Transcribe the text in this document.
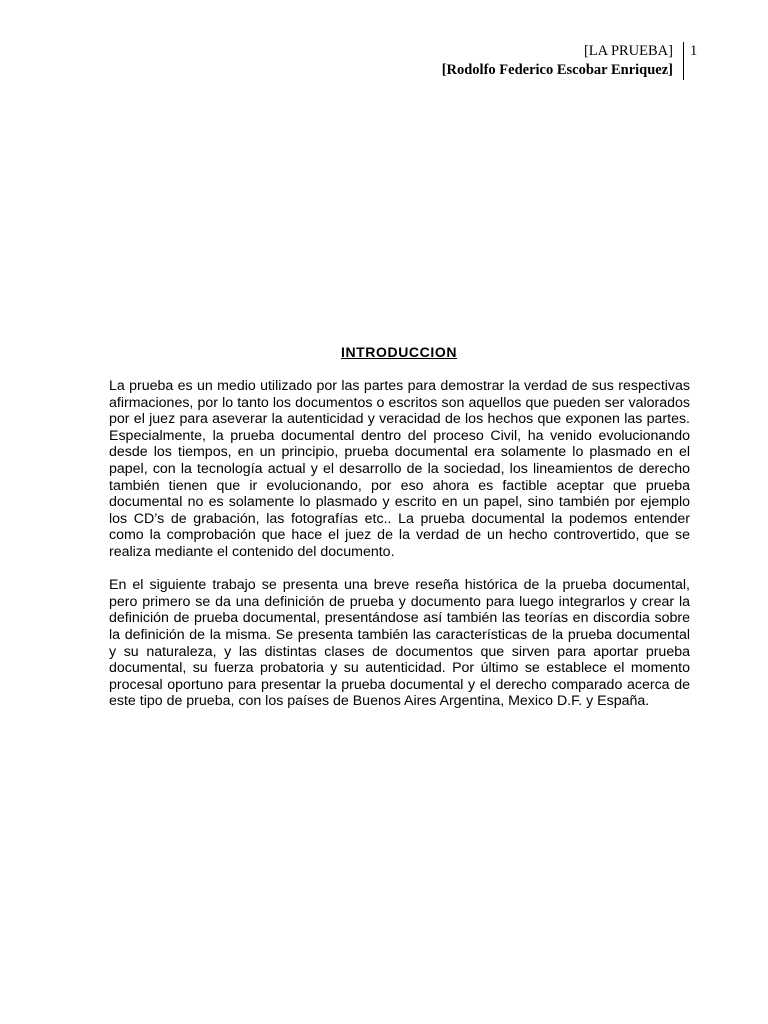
[LA PRUEBA]
[Rodolfo Federico Escobar Enriquez]
1
INTRODUCCION

La prueba es un medio utilizado por las partes para demostrar la verdad de sus respectivas afirmaciones, por lo tanto los documentos o escritos son aquellos que pueden ser valorados por el juez para aseverar la autenticidad y veracidad de los hechos que exponen las partes. Especialmente, la prueba documental dentro del proceso Civil, ha venido evolucionando desde los tiempos, en un principio, prueba documental era solamente lo plasmado en el papel, con la tecnología actual y el desarrollo de la sociedad, los lineamientos de derecho también tienen que ir evolucionando, por eso ahora es factible aceptar que prueba documental no es solamente lo plasmado y escrito en un papel, sino también por ejemplo los CD’s de grabación, las fotografías etc.. La prueba documental la podemos entender como la comprobación que hace el juez de la verdad de un hecho controvertido, que se realiza mediante el contenido del documento.

En el siguiente trabajo se presenta una breve reseña histórica de la prueba documental, pero primero se da una definición de prueba y documento para luego integrarlos y crear la definición de prueba documental, presentándose así también las teorías en discordia sobre la definición de la misma. Se presenta también las características de la prueba documental y su naturaleza, y las distintas clases de documentos que sirven para aportar prueba documental, su fuerza probatoria y su autenticidad. Por último se establece el momento procesal oportuno para presentar la prueba documental y el derecho comparado acerca de este tipo de prueba, con los países de Buenos Aires Argentina, Mexico D.F. y España.
